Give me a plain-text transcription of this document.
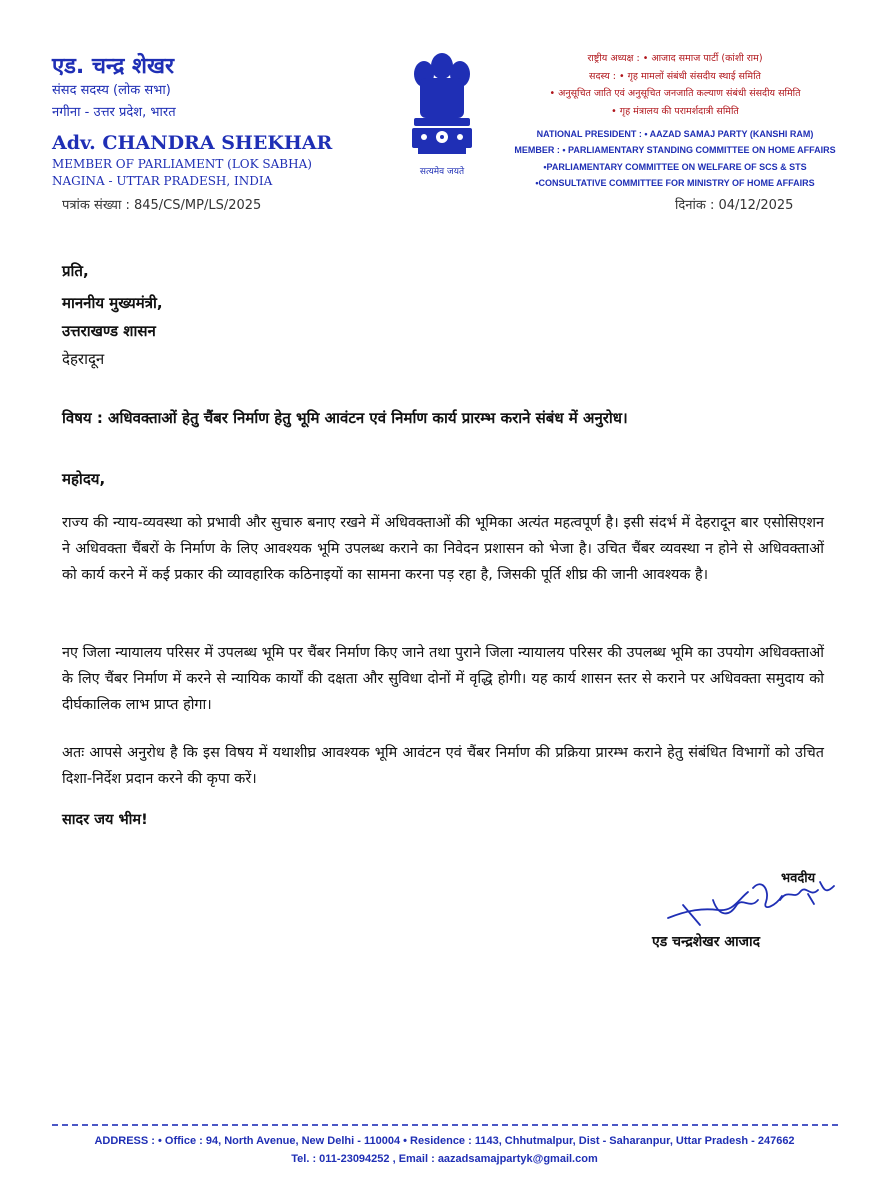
एड. चन्द्र शेखर
संसद सदस्य (लोक सभा)
नगीना - उत्तर प्रदेश, भारत
Adv. CHANDRA SHEKHAR
MEMBER OF PARLIAMENT (LOK SABHA)
NAGINA - UTTAR PRADESH, INDIA
सत्यमेव जयते
राष्ट्रीय अध्यक्ष : • आजाद समाज पार्टी (कांशी राम)
सदस्य : • गृह मामलों संबंधी संसदीय स्थाई समिति
• अनुसूचित जाति एवं अनुसूचित जनजाति कल्याण संबंधी संसदीय समिति
• गृह मंत्रालय की परामर्शदात्री समिति
NATIONAL PRESIDENT : • AAZAD SAMAJ PARTY (KANSHI RAM)
MEMBER : • PARLIAMENTARY STANDING COMMITTEE ON HOME AFFAIRS
•PARLIAMENTARY COMMITTEE ON WELFARE OF SCS & STS
•CONSULTATIVE COMMITTEE FOR MINISTRY OF HOME AFFAIRS
पत्रांक संख्या : 845/CS/MP/LS/2025	दिनांक : 04/12/2025
प्रति,
माननीय मुख्यमंत्री,
उत्तराखण्ड शासन
देहरादून
विषय : अधिवक्ताओं हेतु चैंबर निर्माण हेतु भूमि आवंटन एवं निर्माण कार्य प्रारम्भ कराने संबंध में अनुरोध।
महोदय,
राज्य की न्याय-व्यवस्था को प्रभावी और सुचारु बनाए रखने में अधिवक्ताओं की भूमिका अत्यंत महत्वपूर्ण है। इसी संदर्भ में देहरादून बार एसोसिएशन ने अधिवक्ता चैंबरों के निर्माण के लिए आवश्यक भूमि उपलब्ध कराने का निवेदन प्रशासन को भेजा है। उचित चैंबर व्यवस्था न होने से अधिवक्ताओं को कार्य करने में कई प्रकार की व्यावहारिक कठिनाइयों का सामना करना पड़ रहा है, जिसकी पूर्ति शीघ्र की जानी आवश्यक है।
नए जिला न्यायालय परिसर में उपलब्ध भूमि पर चैंबर निर्माण किए जाने तथा पुराने जिला न्यायालय परिसर की उपलब्ध भूमि का उपयोग अधिवक्ताओं के लिए चैंबर निर्माण में करने से न्यायिक कार्यों की दक्षता और सुविधा दोनों में वृद्धि होगी। यह कार्य शासन स्तर से कराने पर अधिवक्ता समुदाय को दीर्घकालिक लाभ प्राप्त होगा।
अतः आपसे अनुरोध है कि इस विषय में यथाशीघ्र आवश्यक भूमि आवंटन एवं चैंबर निर्माण की प्रक्रिया प्रारम्भ कराने हेतु संबंधित विभागों को उचित दिशा-निर्देश प्रदान करने की कृपा करें।
सादर जय भीम!
भवदीय
एड चन्द्रशेखर आजाद
ADDRESS : • Office : 94, North Avenue, New Delhi - 110004 • Residence : 1143, Chhutmalpur, Dist - Saharanpur, Uttar Pradesh - 247662
Tel. : 011-23094252 , Email : aazadsamajpartyk@gmail.com
